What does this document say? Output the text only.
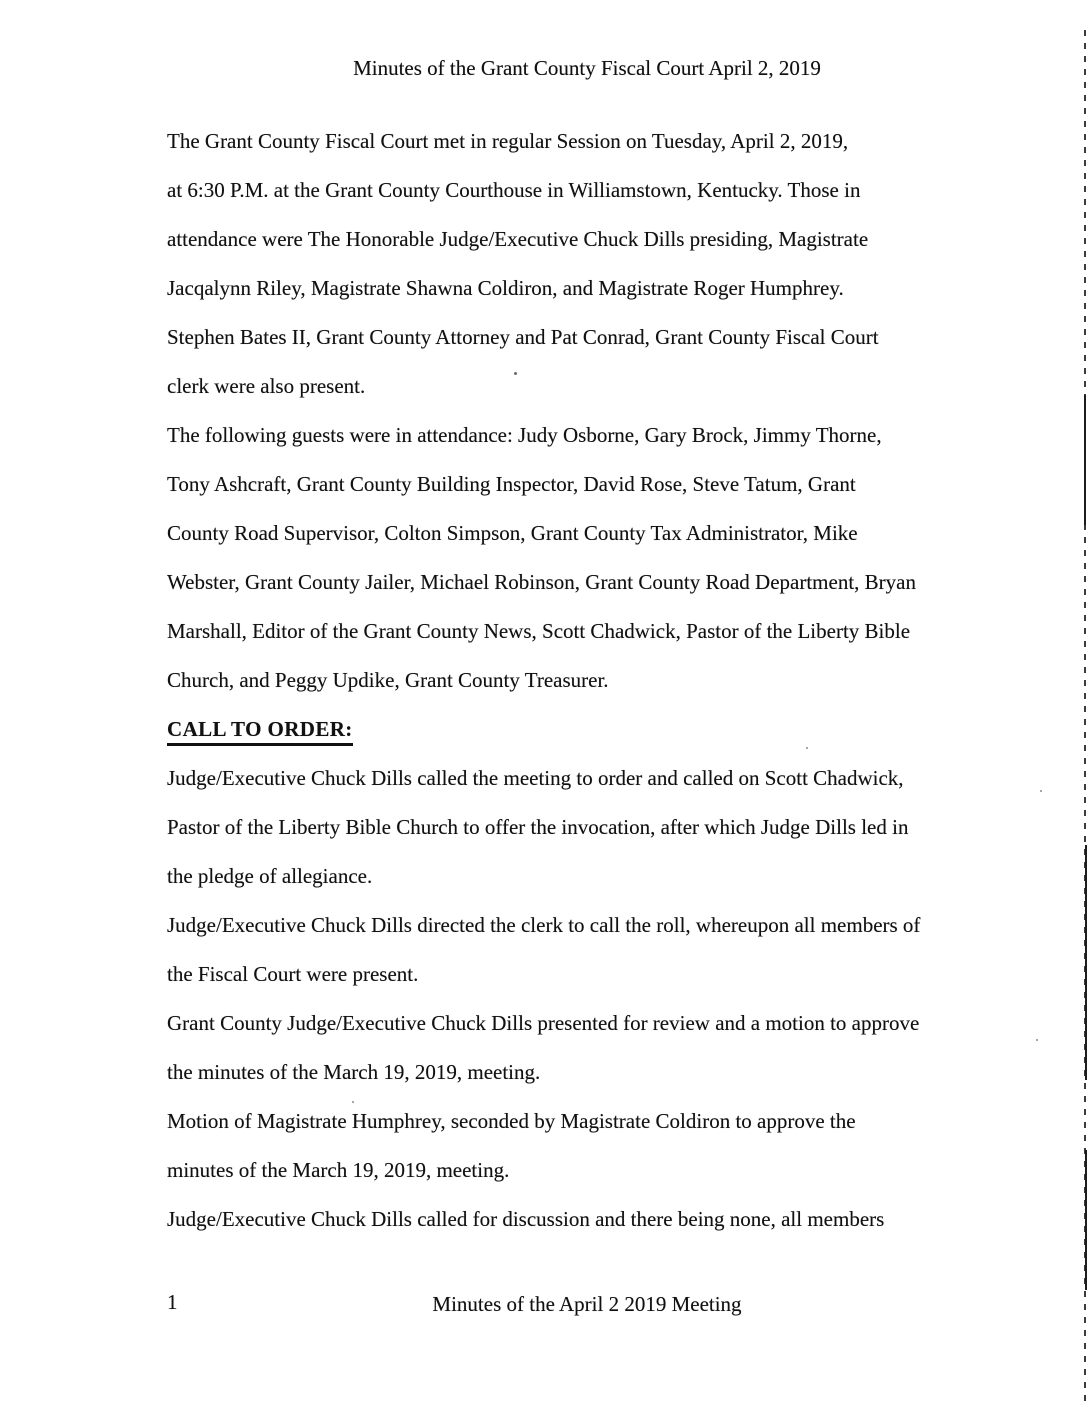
Minutes of the Grant County Fiscal Court April 2, 2019
The Grant County Fiscal Court met in regular Session on Tuesday, April 2, 2019,
at 6:30 P.M. at the Grant County Courthouse in Williamstown, Kentucky. Those in
attendance were The Honorable Judge/Executive Chuck Dills presiding, Magistrate
Jacqalynn Riley, Magistrate Shawna Coldiron, and Magistrate Roger Humphrey.
Stephen Bates II, Grant County Attorney and Pat Conrad, Grant County Fiscal Court
clerk were also present.
The following guests were in attendance: Judy Osborne, Gary Brock, Jimmy Thorne,
Tony Ashcraft, Grant County Building Inspector, David Rose, Steve Tatum, Grant
County Road Supervisor, Colton Simpson, Grant County Tax Administrator, Mike
Webster, Grant County Jailer, Michael Robinson, Grant County Road Department, Bryan
Marshall, Editor of the Grant County News, Scott Chadwick, Pastor of the Liberty Bible
Church, and Peggy Updike, Grant County Treasurer.
CALL TO ORDER:
Judge/Executive Chuck Dills called the meeting to order and called on Scott Chadwick,
Pastor of the Liberty Bible Church to offer the invocation, after which Judge Dills led in
the pledge of allegiance.
Judge/Executive Chuck Dills directed the clerk to call the roll, whereupon all members of
the Fiscal Court were present.
Grant County Judge/Executive Chuck Dills presented for review and a motion to approve
the minutes of the March 19, 2019, meeting.
Motion of Magistrate Humphrey, seconded by Magistrate Coldiron to approve the
minutes of the March 19, 2019, meeting.
Judge/Executive Chuck Dills called for discussion and there being none, all members
1	Minutes of the April 2 2019 Meeting
